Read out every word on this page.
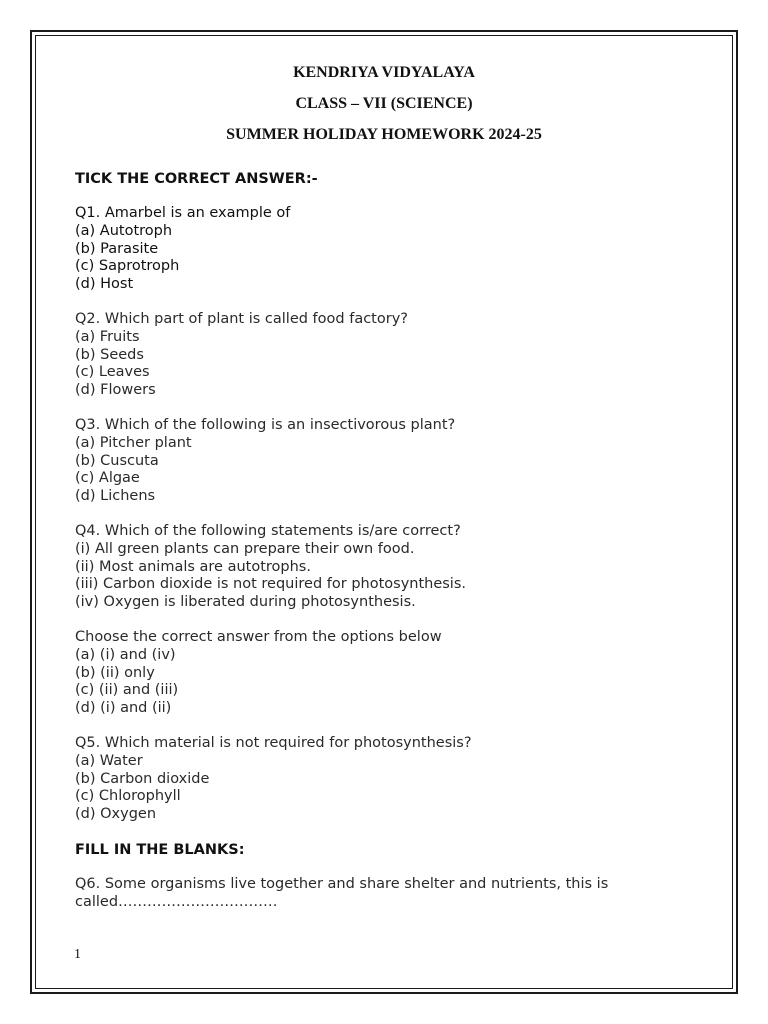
KENDRIYA VIDYALAYA
CLASS – VII (SCIENCE)
SUMMER HOLIDAY HOMEWORK 2024-25
TICK THE CORRECT ANSWER:-
Q1. Amarbel is an example of
(a) Autotroph
(b) Parasite
(c) Saprotroph
(d) Host
Q2. Which part of plant is called food factory?
(a) Fruits
(b) Seeds
(c) Leaves
(d) Flowers
Q3. Which of the following is an insectivorous plant?
(a) Pitcher plant
(b) Cuscuta
(c) Algae
(d) Lichens
Q4. Which of the following statements is/are correct?
(i) All green plants can prepare their own food.
(ii) Most animals are autotrophs.
(iii) Carbon dioxide is not required for photosynthesis.
(iv) Oxygen is liberated during photosynthesis.
Choose the correct answer from the options below
(a) (i) and (iv)
(b) (ii) only
(c) (ii) and (iii)
(d) (i) and (ii)
Q5. Which material is not required for photosynthesis?
(a) Water
(b) Carbon dioxide
(c) Chlorophyll
(d) Oxygen
FILL IN THE BLANKS:
Q6. Some organisms live together and share shelter and nutrients, this is called……………………………
1
